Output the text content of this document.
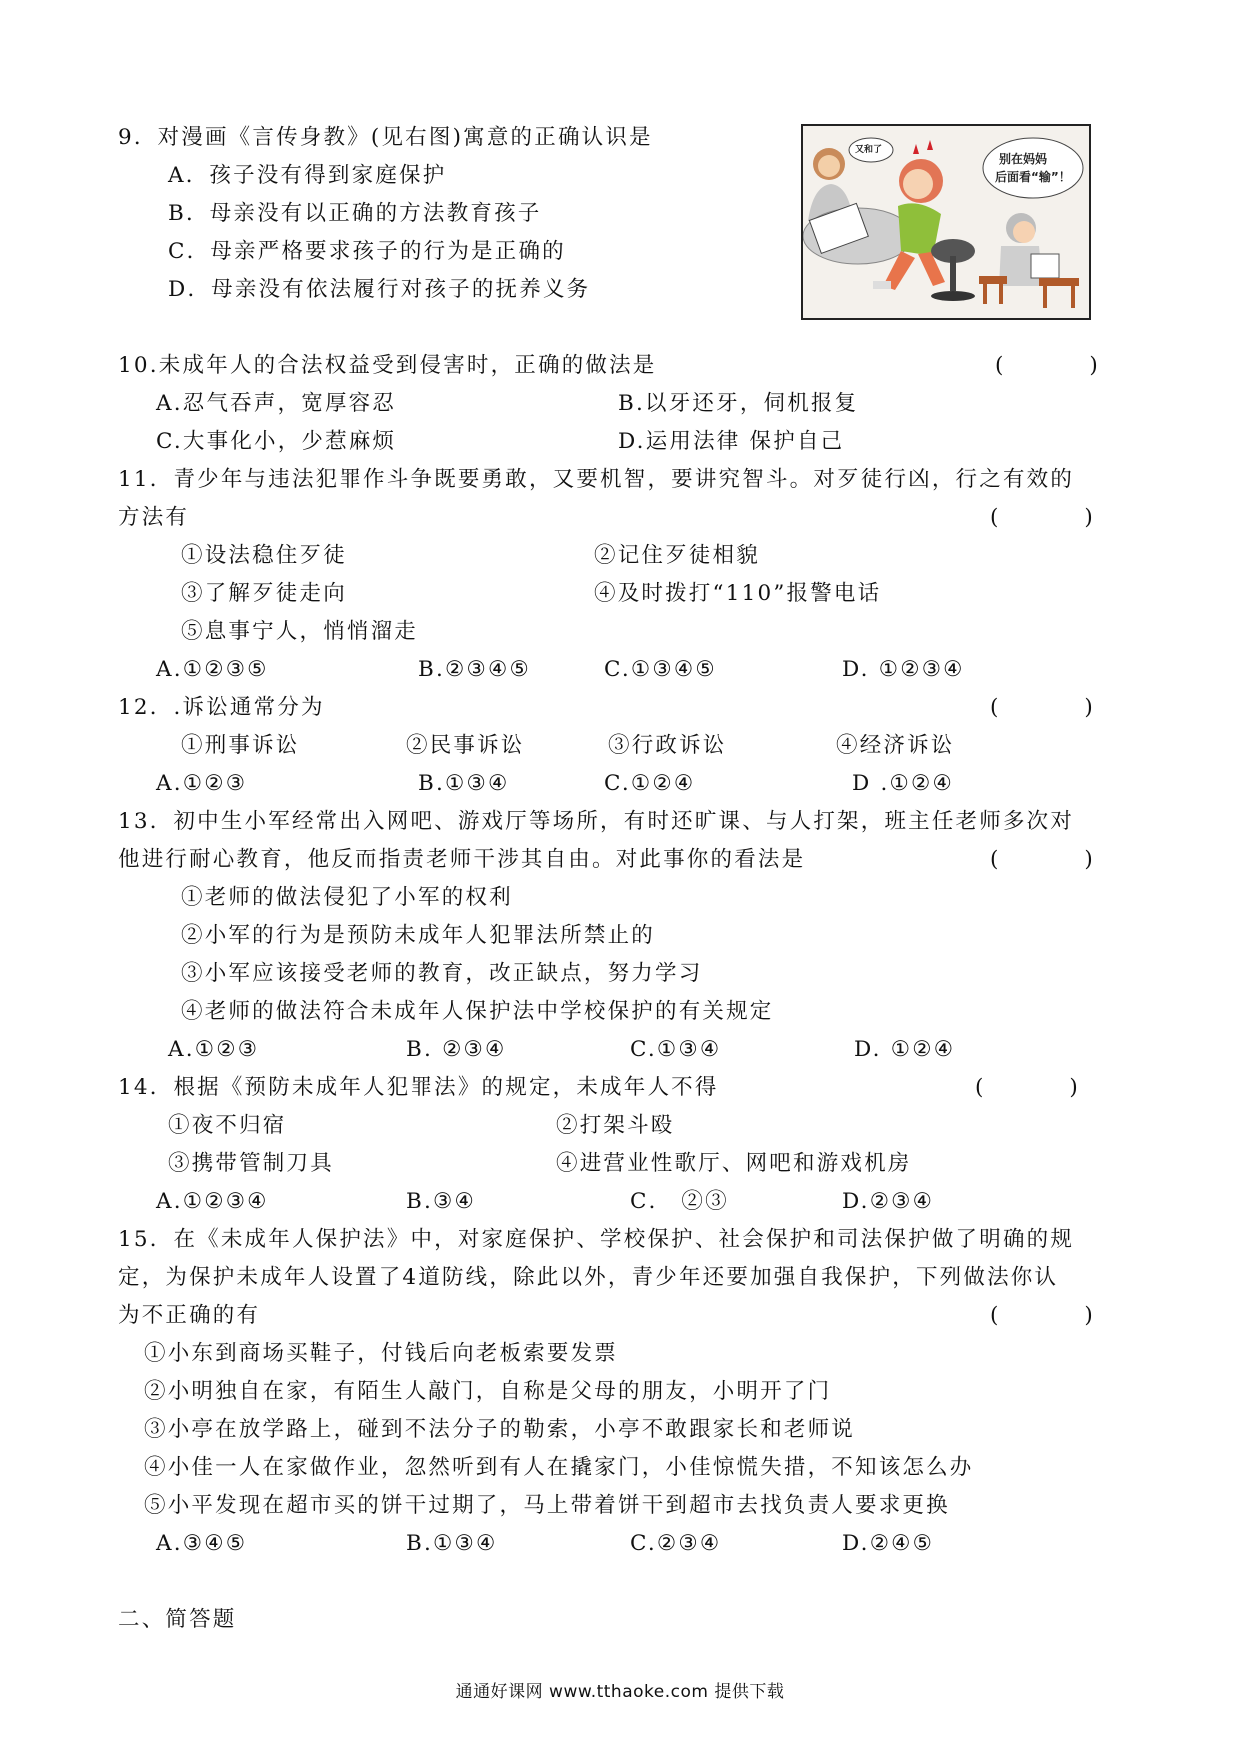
9．对漫画《言传身教》(见右图)寓意的正确认识是
A．孩子没有得到家庭保护
B．母亲没有以正确的方法教育孩子
C．母亲严格要求孩子的行为是正确的
D．母亲没有依法履行对孩子的抚养义务
又和了
别在妈妈
后面看“输”！
10.未成年人的合法权益受到侵害时，正确的做法是	(　　　　)
A.忍气吞声，宽厚容忍	B.以牙还牙，伺机报复
C.大事化小，少惹麻烦	D.运用法律 保护自己
11．青少年与违法犯罪作斗争既要勇敢，又要机智，要讲究智斗。对歹徒行凶，行之有效的
方法有	(　　　　)
①设法稳住歹徒	②记住歹徒相貌
③了解歹徒走向	④及时拨打“110”报警电话
⑤息事宁人，悄悄溜走
A.①②③⑤	B.②③④⑤	C.①③④⑤	D. ①②③④
12．.诉讼通常分为	(　　　　)
①刑事诉讼	②民事诉讼	③行政诉讼	④经济诉讼
A.①②③	B.①③④	C.①②④	D .①②④
13．初中生小军经常出入网吧、游戏厅等场所，有时还旷课、与人打架，班主任老师多次对
他进行耐心教育，他反而指责老师干涉其自由。对此事你的看法是	(　　　　)
①老师的做法侵犯了小军的权利
②小军的行为是预防未成年人犯罪法所禁止的
③小军应该接受老师的教育，改正缺点，努力学习
④老师的做法符合未成年人保护法中学校保护的有关规定
A.①②③	B. ②③④	C.①③④	D. ①②④
14．根据《预防未成年人犯罪法》的规定，未成年人不得	(　　　　)
①夜不归宿	②打架斗殴
③携带管制刀具	④进营业性歌厅、网吧和游戏机房
A.①②③④	B.③④	C． ②③	D.②③④
15．在《未成年人保护法》中，对家庭保护、学校保护、社会保护和司法保护做了明确的规
定，为保护未成年人设置了4道防线，除此以外，青少年还要加强自我保护，下列做法你认
为不正确的有	(　　　　)
①小东到商场买鞋子，付钱后向老板索要发票
②小明独自在家，有陌生人敲门，自称是父母的朋友，小明开了门
③小亭在放学路上，碰到不法分子的勒索，小亭不敢跟家长和老师说
④小佳一人在家做作业，忽然听到有人在撬家门，小佳惊慌失措，不知该怎么办
⑤小平发现在超市买的饼干过期了，马上带着饼干到超市去找负责人要求更换
A.③④⑤	B.①③④	C.②③④	D.②④⑤
二、简答题
通通好课网 www.tthaoke.com 提供下载
